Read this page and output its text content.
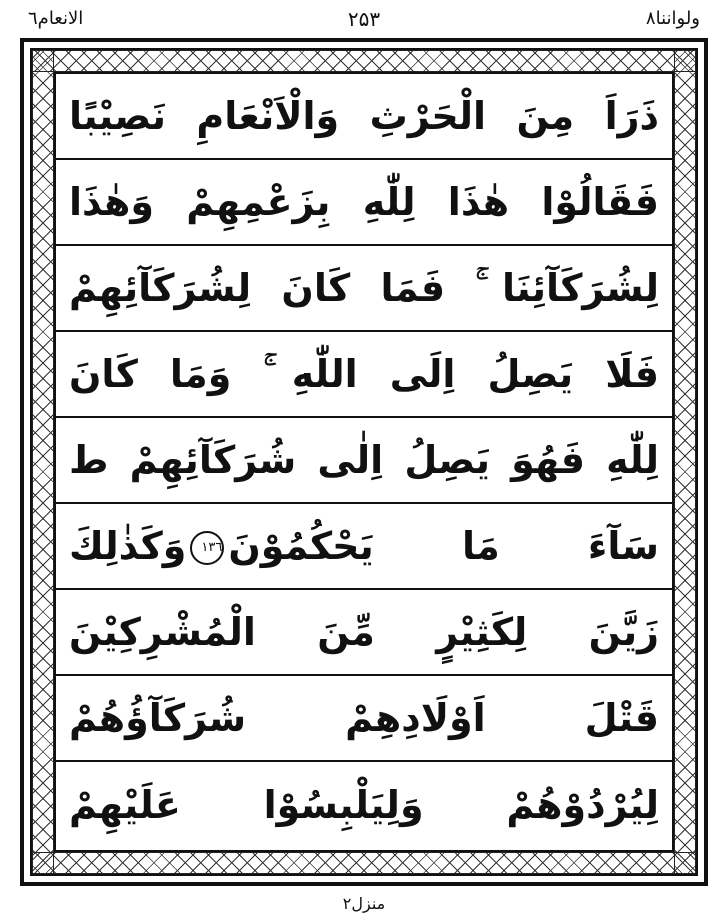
الانعام٦	۲۵۳	ولواننا٨
ذَرَاَ مِنَ الْحَرْثِ وَالْاَنْعَامِ نَصِيْبًا
فَقَالُوْا هٰذَا لِلّٰهِ بِزَعْمِهِمْ وَهٰذَا
لِشُرَكَآئِنَا ۚ فَمَا كَانَ لِشُرَكَآئِهِمْ
فَلَا يَصِلُ اِلَى اللّٰهِ ۚ وَمَا كَانَ
لِلّٰهِ فَهُوَ يَصِلُ اِلٰى شُرَكَآئِهِمْ ط
سَآءَ مَا يَحْكُمُوْنَ١٣٦وَكَذٰلِكَ
زَيَّنَ لِكَثِيْرٍ مِّنَ الْمُشْرِكِيْنَ
قَتْلَ اَوْلَادِهِمْ شُرَكَآؤُهُمْ
لِيُرْدُوْهُمْ وَلِيَلْبِسُوْا عَلَيْهِمْ
منزل٢
